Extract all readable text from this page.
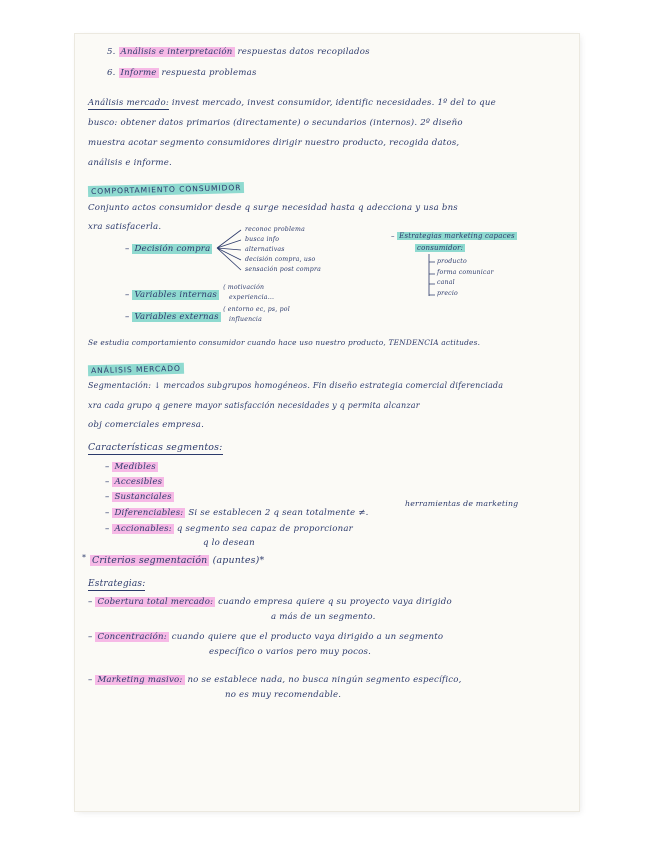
5. Análisis e interpretación respuestas datos recopilados
6. Informe respuesta problemas
Análisis mercado: invest mercado, invest consumidor, identific necesidades. 1º del to que
busco: obtener datos primarios (directamente) o secundarios (internos). 2º diseño
muestra acotar segmento consumidores dirigir nuestro producto, recogida datos,
análisis e informe.
COMPORTAMIENTO CONSUMIDOR
Conjunto actos consumidor desde q surge necesidad hasta q adecciona y usa bns
xra satisfacerla.
– Decisión compra
reconoc problema
busca info
alternativas
decisión compra, uso
sensación post compra
– Variables internas
⟨ motivación
experiencia...
– Variables externas
⟨ entorno ec, ps, pol
influencia
– Estrategias marketing capaces
consumidor:
producto
forma comunicar
canal
precio
Se estudia comportamiento consumidor cuando hace uso nuestro producto, TENDENCIA actitudes.
ANÁLISIS MERCADO
Segmentación: ↓ mercados subgrupos homogéneos. Fin diseño estrategia comercial diferenciada
xra cada grupo q genere mayor satisfacción necesidades y q permita alcanzar
obj comerciales empresa.
Características segmentos:
– Medibles
– Accesibles
– Sustanciales
– Diferenciables: Si se establecen 2 q sean totalmente ≠.
herramientas de marketing
– Accionables: q segmento sea capaz de proporcionar
q lo desean
* Criterios segmentación (apuntes)*
Estrategias:
– Cobertura total mercado: cuando empresa quiere q su proyecto vaya dirigido
a más de un segmento.
– Concentración: cuando quiere que el producto vaya dirigido a un segmento
específico o varios pero muy pocos.
– Marketing masivo: no se establece nada, no busca ningún segmento específico,
no es muy recomendable.
